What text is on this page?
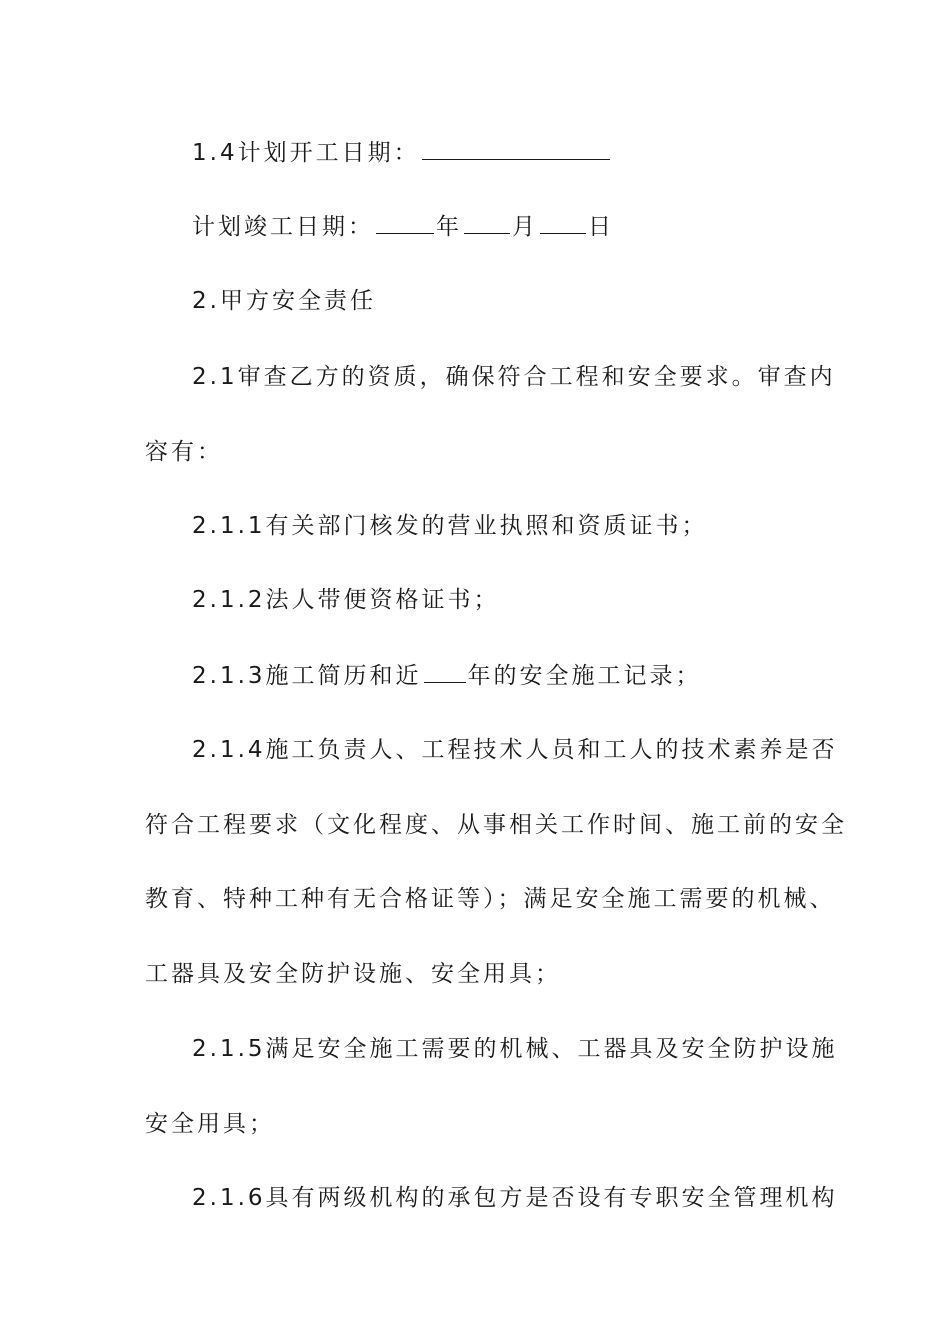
1.4计划开工日期：
计划竣工日期：	年 月 日
2.甲方安全责任
2.1审查乙方的资质，确保符合工程和安全要求。审查内
容有：
2.1.1有关部门核发的营业执照和资质证书；
2.1.2法人带便资格证书；
2.1.3施工简历和近 年的安全施工记录；
2.1.4施工负责人、工程技术人员和工人的技术素养是否
符合工程要求（文化程度、从事相关工作时间、施工前的安全
教育、特种工种有无合格证等）；满足安全施工需要的机械、
工器具及安全防护设施、安全用具；
2.1.5满足安全施工需要的机械、工器具及安全防护设施
安全用具；
2.1.6具有两级机构的承包方是否设有专职安全管理机构
